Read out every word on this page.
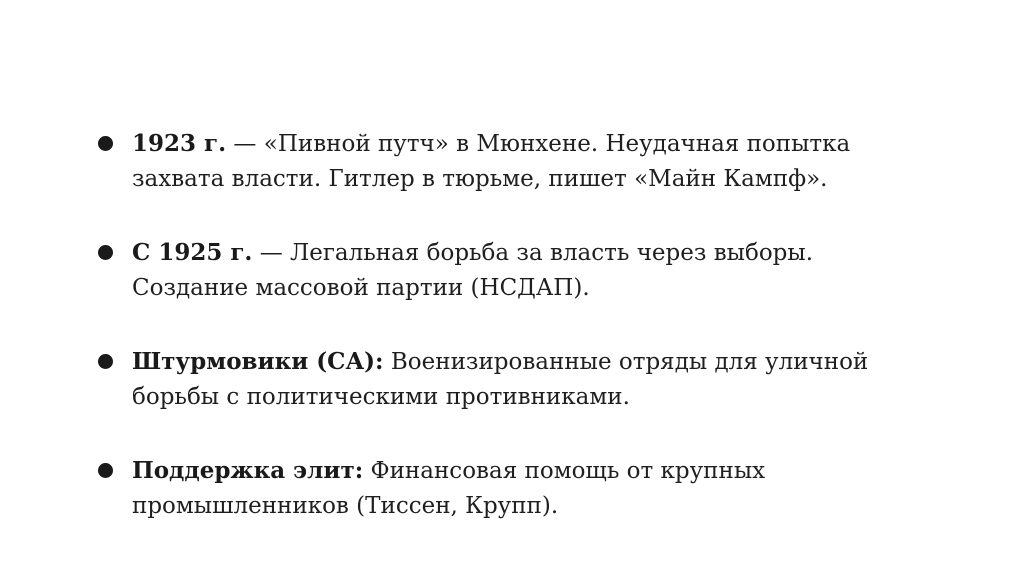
1923 г. — «Пивной путч» в Мюнхене. Неудачная попытка захвата власти. Гитлер в тюрьме, пишет «Майн Кампф».
С 1925 г. — Легальная борьба за власть через выборы. Создание массовой партии (НСДАП).
Штурмовики (СА): Военизированные отряды для уличной борьбы с политическими противниками.
Поддержка элит: Финансовая помощь от крупных промышленников (Тиссен, Крупп).
